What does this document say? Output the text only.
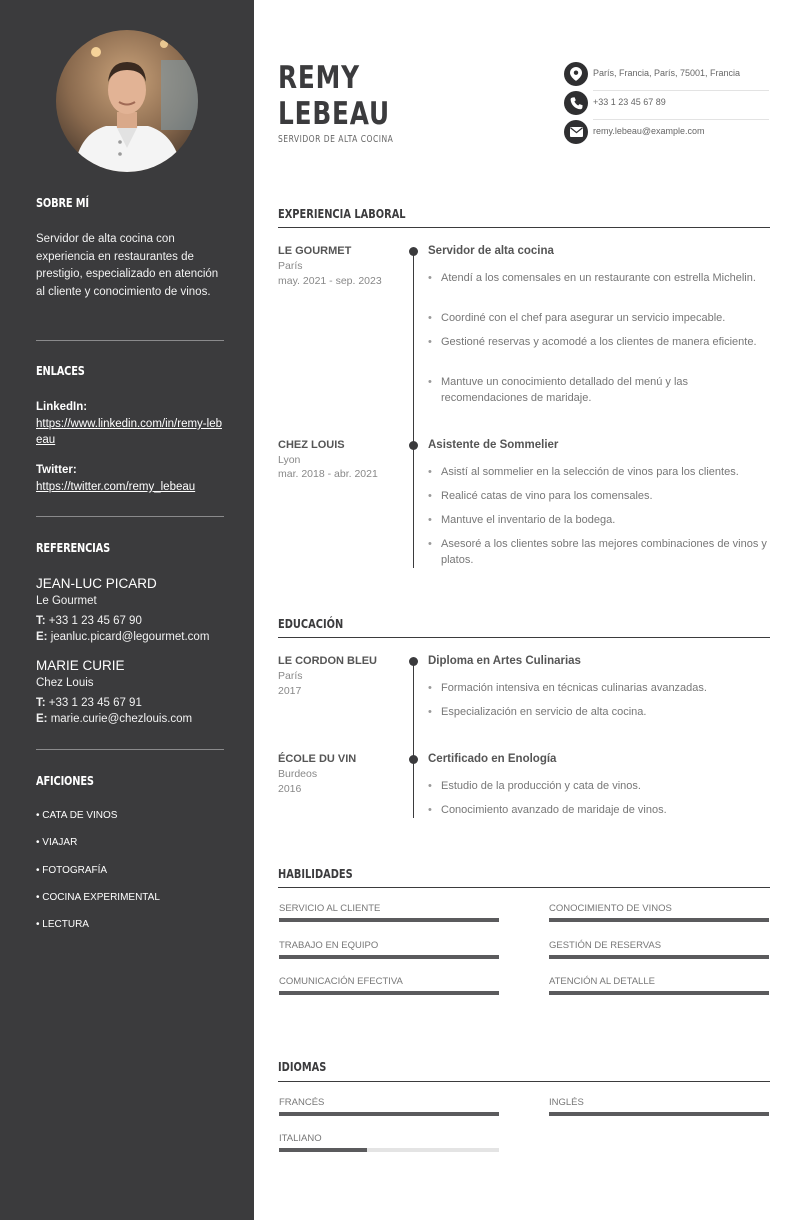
SOBRE MÍ
Servidor de alta cocina con experiencia en restaurantes de prestigio, especializado en atención al cliente y conocimiento de vinos.
ENLACES
LinkedIn:
https://www.linkedin.com/in/remy-lebeau
Twitter:
https://twitter.com/remy_lebeau
REFERENCIAS
JEAN-LUC PICARD
Le Gourmet
T: +33 1 23 45 67 90
E: jeanluc.picard@legourmet.com
MARIE CURIE
Chez Louis
T: +33 1 23 45 67 91
E: marie.curie@chezlouis.com
AFICIONES
• CATA DE VINOS
• VIAJAR
• FOTOGRAFÍA
• COCINA EXPERIMENTAL
• LECTURA
REMY
LEBEAU
SERVIDOR DE ALTA COCINA
París, Francia, París, 75001, Francia
+33 1 23 45 67 89
remy.lebeau@example.com
EXPERIENCIA LABORAL
LE GOURMET
París
may. 2021 - sep. 2023
Servidor de alta cocina
• Atendí a los comensales en un restaurante con estrella Michelin.
• Coordiné con el chef para asegurar un servicio impecable.
• Gestioné reservas y acomodé a los clientes de manera eficiente.
• Mantuve un conocimiento detallado del menú y las recomendaciones de maridaje.
CHEZ LOUIS
Lyon
mar. 2018 - abr. 2021
Asistente de Sommelier
• Asistí al sommelier en la selección de vinos para los clientes.
• Realicé catas de vino para los comensales.
• Mantuve el inventario de la bodega.
• Asesoré a los clientes sobre las mejores combinaciones de vinos y platos.
EDUCACIÓN
LE CORDON BLEU
París
2017
Diploma en Artes Culinarias
• Formación intensiva en técnicas culinarias avanzadas.
• Especialización en servicio de alta cocina.
ÉCOLE DU VIN
Burdeos
2016
Certificado en Enología
• Estudio de la producción y cata de vinos.
• Conocimiento avanzado de maridaje de vinos.
HABILIDADES
SERVICIO AL CLIENTE	CONOCIMIENTO DE VINOS
TRABAJO EN EQUIPO	GESTIÓN DE RESERVAS
COMUNICACIÓN EFECTIVA	ATENCIÓN AL DETALLE
IDIOMAS
FRANCÉS	INGLÉS
ITALIANO
